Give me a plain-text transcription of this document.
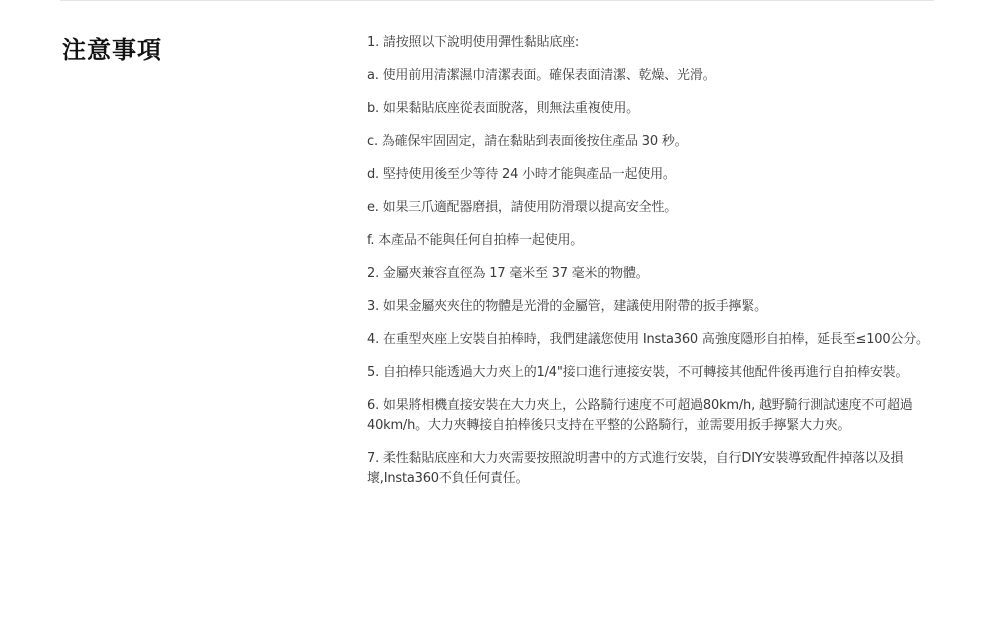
注意事項	1. 請按照以下說明使用彈性黏貼底座:
a. 使用前用清潔濕巾清潔表面。確保表面清潔、乾燥、光滑。
b. 如果黏貼底座從表面脫落，則無法重複使用。
c. 為確保牢固固定，請在黏貼到表面後按住產品 30 秒。
d. 堅持使用後至少等待 24 小時才能與產品一起使用。
e. 如果三爪適配器磨損，請使用防滑環以提高安全性。
f. 本產品不能與任何自拍棒一起使用。
2. 金屬夾兼容直徑為 17 毫米至 37 毫米的物體。
3. 如果金屬夾夾住的物體是光滑的金屬管，建議使用附帶的扳手擰緊。
4. 在重型夾座上安裝自拍棒時，我們建議您使用 Insta360 高強度隱形自拍棒，延長至≤100公分。
5. 自拍棒只能透過大力夾上的1/4"接口進行連接安裝，不可轉接其他配件後再進行自拍棒安裝。
6. 如果將相機直接安裝在大力夾上，公路騎行速度不可超過80km/h, 越野騎行測試速度不可超過40km/h。大力夾轉接自拍棒後只支持在平整的公路騎行，並需要用扳手擰緊大力夾。
7. 柔性黏貼底座和大力夾需要按照說明書中的方式進行安裝，自行DIY安裝導致配件掉落以及損壞,Insta360不負任何責任。
